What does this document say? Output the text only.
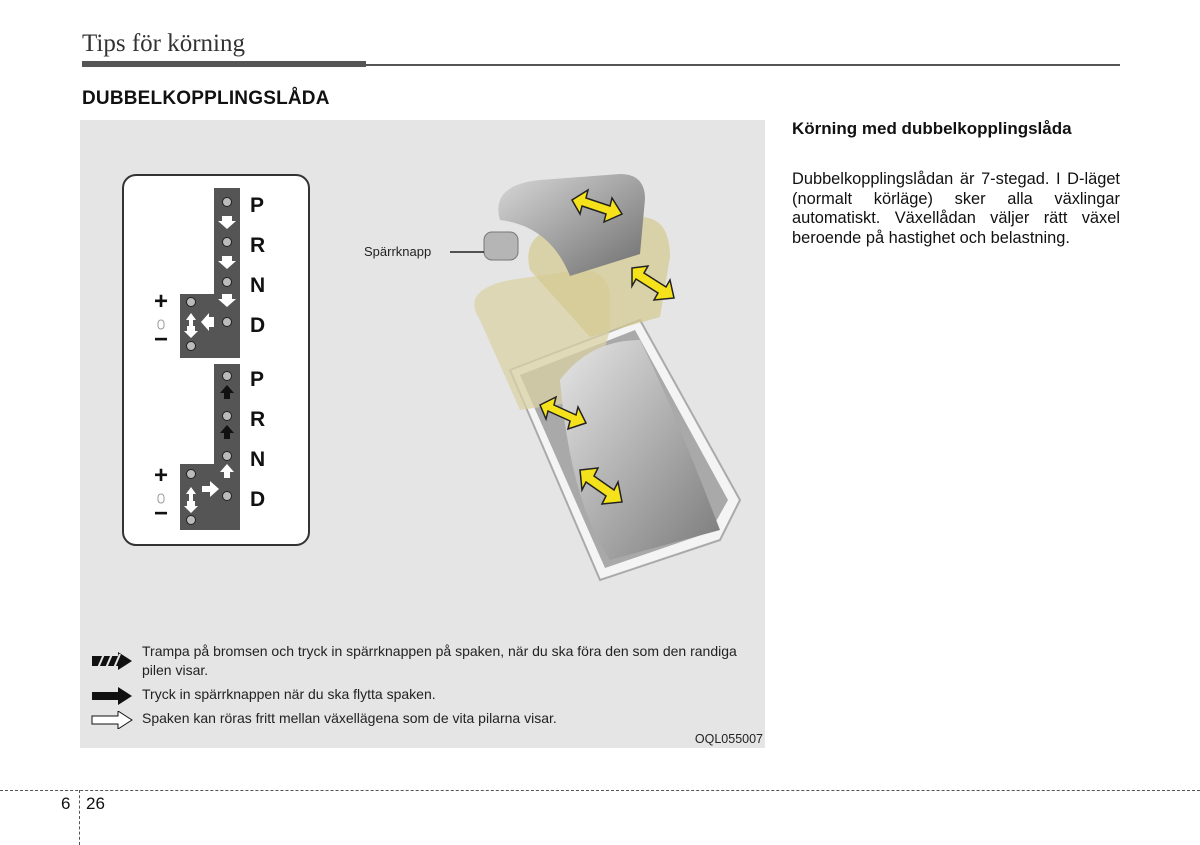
Tips för körning
DUBBELKOPPLINGSLÅDA
P
R
N
D
P
R
N
D
+
−
+
−
Spärrknapp
Trampa på bromsen och tryck in spärrknappen på spaken, när du ska föra den som den randiga pilen visar.
Tryck in spärrknappen när du ska flytta spaken.
Spaken kan röras fritt mellan växellägena som de vita pilarna visar.
OQL055007
Körning med dubbelkopplingslåda
Dubbelkopplingslådan är 7-stegad. I D-läget (normalt körläge) sker alla växlingar automatiskt. Växellådan väljer rätt växel beroende på hastighet och belastning.
6 26
